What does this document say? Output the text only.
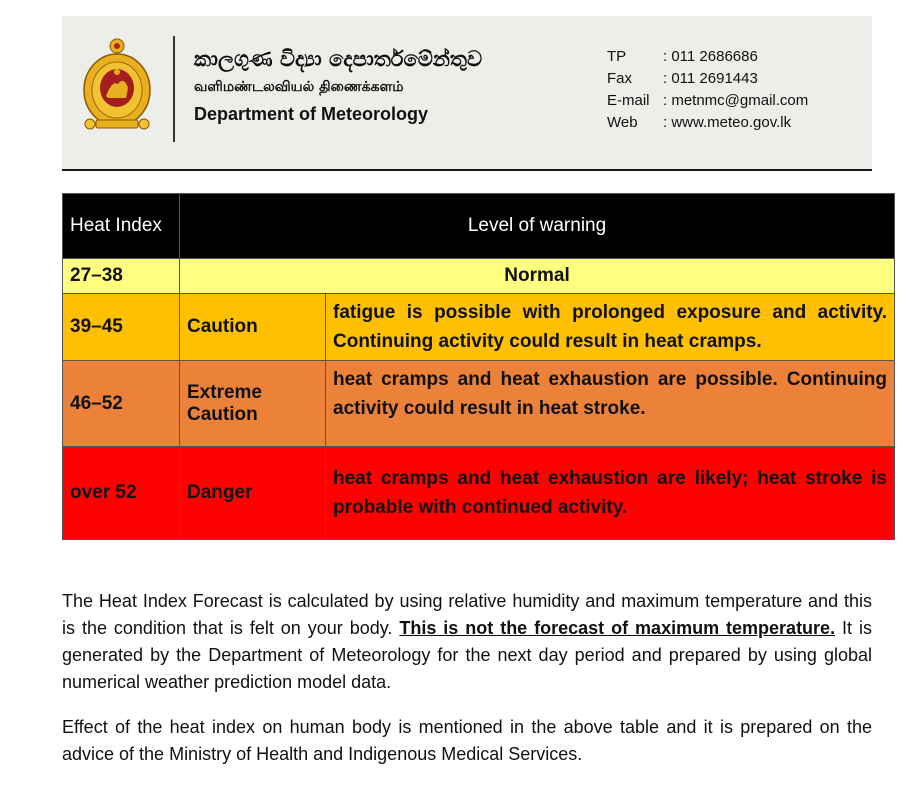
කාලගුණ විද්‍යා දෙපාර්තමේන්තුව
வளிமண்டலவியல் திணைக்களம்
Department of Meteorology
TP : 011 2686686
Fax : 011 2691443
E-mail : metnmc@gmail.com
Web : www.meteo.gov.lk
Heat Index	Level of warning	
27–38	Normal	
39–45	Caution	fatigue is possible with prolonged exposure and activity. Continuing activity could result in heat cramps.
46–52	Extreme Caution	heat cramps and heat exhaustion are possible. Continuing activity could result in heat stroke.
over 52	Danger	heat cramps and heat exhaustion are likely; heat stroke is probable with continued activity.

The Heat Index Forecast is calculated by using relative humidity and maximum temperature and this is the condition that is felt on your body. This is not the forecast of maximum temperature. It is generated by the Department of Meteorology for the next day period and prepared by using global numerical weather prediction model data.

Effect of the heat index on human body is mentioned in the above table and it is prepared on the advice of the Ministry of Health and Indigenous Medical Services.
